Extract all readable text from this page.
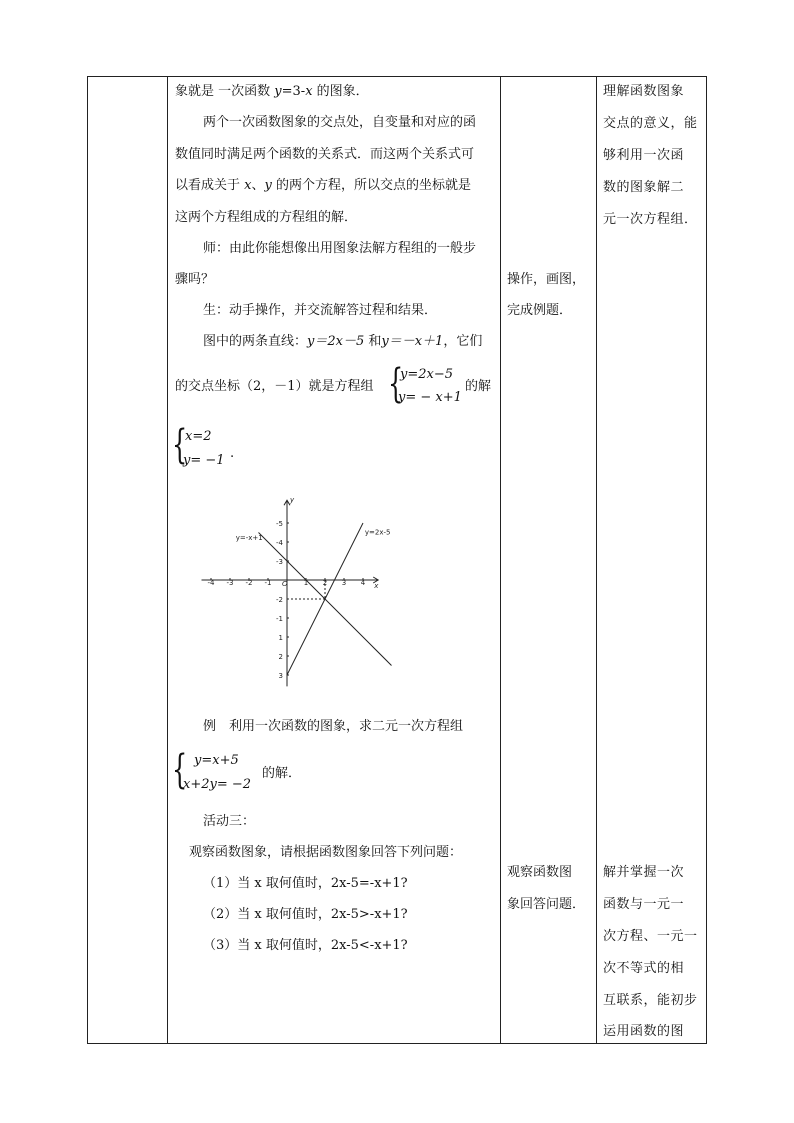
象就是 一次函数 y=3-x 的图象．
两个一次函数图象的交点处，自变量和对应的函
数值同时满足两个函数的关系式．而这两个关系式可
以看成关于 x、y 的两个方程，所以交点的坐标就是
这两个方程组成的方程组的解．
师：由此你能想像出用图象法解方程组的一般步
骤吗？
生：动手操作，并交流解答过程和结果．
图中的两条直线：y＝2x－5 和y＝－x＋1，它们
的交点坐标（2，－1）就是方程组 {
y=2x−5
y= − x+1
的解
{
x=2
y= −1 .
-4 -3 -2 -1	1 2 3 4
3
2
1
-1
-2
-3
-4
-5
O	x
y
y=-x+1
y=2x-5
例　利用一次函数的图象，求二元一次方程组
{ y=x+5
x+2y= −2
的解．
活动三：
观察函数图象，请根据函数图象回答下列问题：
（1）当 x 取何值时，2x-5=-x+1?
（2）当 x 取何值时，2x-5>-x+1?
（3）当 x 取何值时，2x-5<-x+1?
操作，画图，
完成例题．
观察函数图
象回答问题．
理解函数图象
交点的意义，能
够利用一次函
数的图象解二
元一次方程组．
解并掌握一次
函数与一元一
次方程、一元一
次不等式的相
互联系，能初步
运用函数的图
